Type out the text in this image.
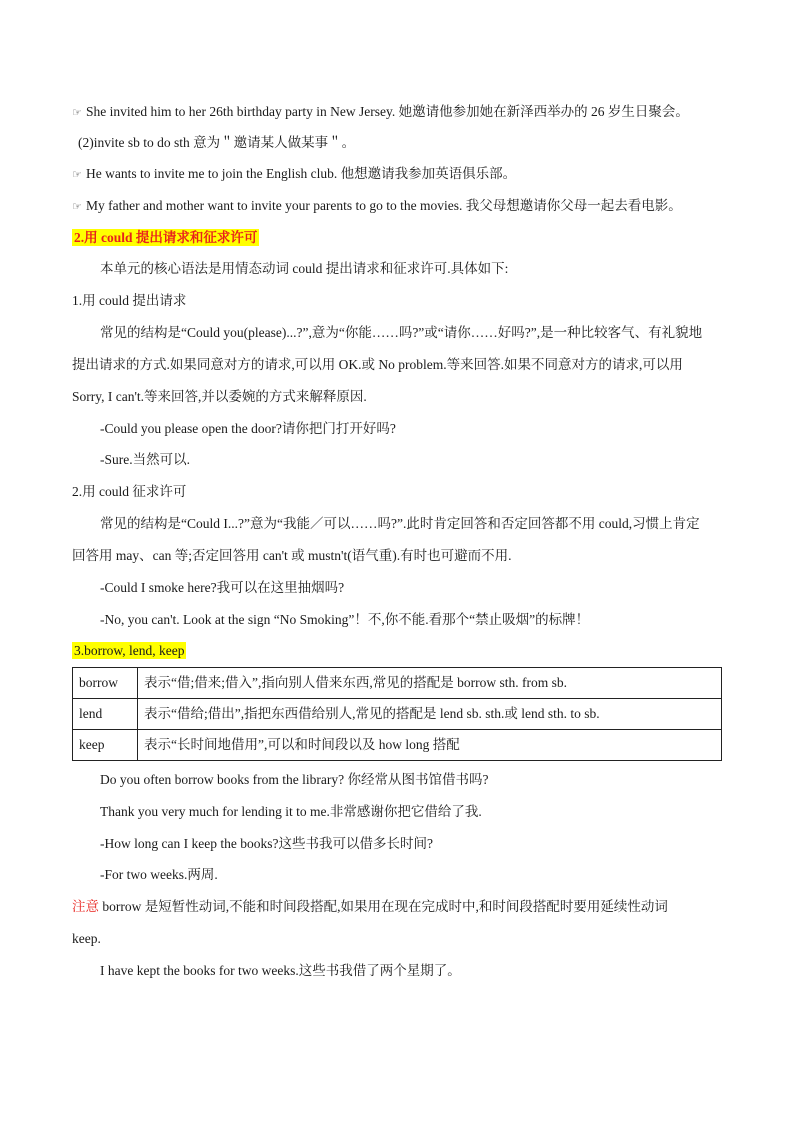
☞ She invited him to her 26th birthday party in New Jersey. 她邀请他参加她在新泽西举办的 26 岁生日聚会。
(2)invite sb to do sth 意为＂邀请某人做某事＂。
☞ He wants to invite me to join the English club. 他想邀请我参加英语俱乐部。
☞ My father and mother want to invite your parents to go to the movies. 我父母想邀请你父母一起去看电影。
2.用 could 提出请求和征求许可
本单元的核心语法是用情态动词 could 提出请求和征求许可.具体如下:
1.用 could 提出请求
常见的结构是“Could you(please)...?”,意为“你能……吗?”或“请你……好吗?”,是一种比较客气、有礼貌地
提出请求的方式.如果同意对方的请求,可以用 OK.或 No problem.等来回答.如果不同意对方的请求,可以用
Sorry, I can't.等来回答,并以委婉的方式来解释原因.
-Could you please open the door?请你把门打开好吗?
-Sure.当然可以.
2.用 could 征求许可
常见的结构是“Could I...?”意为“我能／可以……吗?”.此时肯定回答和否定回答都不用 could,习惯上肯定
回答用 may、can 等;否定回答用 can't 或 mustn't(语气重).有时也可避而不用.
-Could I smoke here?我可以在这里抽烟吗?
-No, you can't. Look at the sign “No Smoking”！不,你不能.看那个“禁止吸烟”的标牌！
3.borrow, lend, keep
borrow	表示“借;借来;借入”,指向别人借来东西,常见的搭配是 borrow sth. from sb.
lend	表示“借给;借出”,指把东西借给别人,常见的搭配是 lend sb. sth.或 lend sth. to sb.
keep	表示“长时间地借用”,可以和时间段以及 how long 搭配
Do you often borrow books from the library? 你经常从图书馆借书吗?
Thank you very much for lending it to me.非常感谢你把它借给了我.
-How long can I keep the books?这些书我可以借多长时间?
-For two weeks.两周.
注意 borrow 是短暂性动词,不能和时间段搭配,如果用在现在完成时中,和时间段搭配时要用延续性动词
keep.
I have kept the books for two weeks.这些书我借了两个星期了。
